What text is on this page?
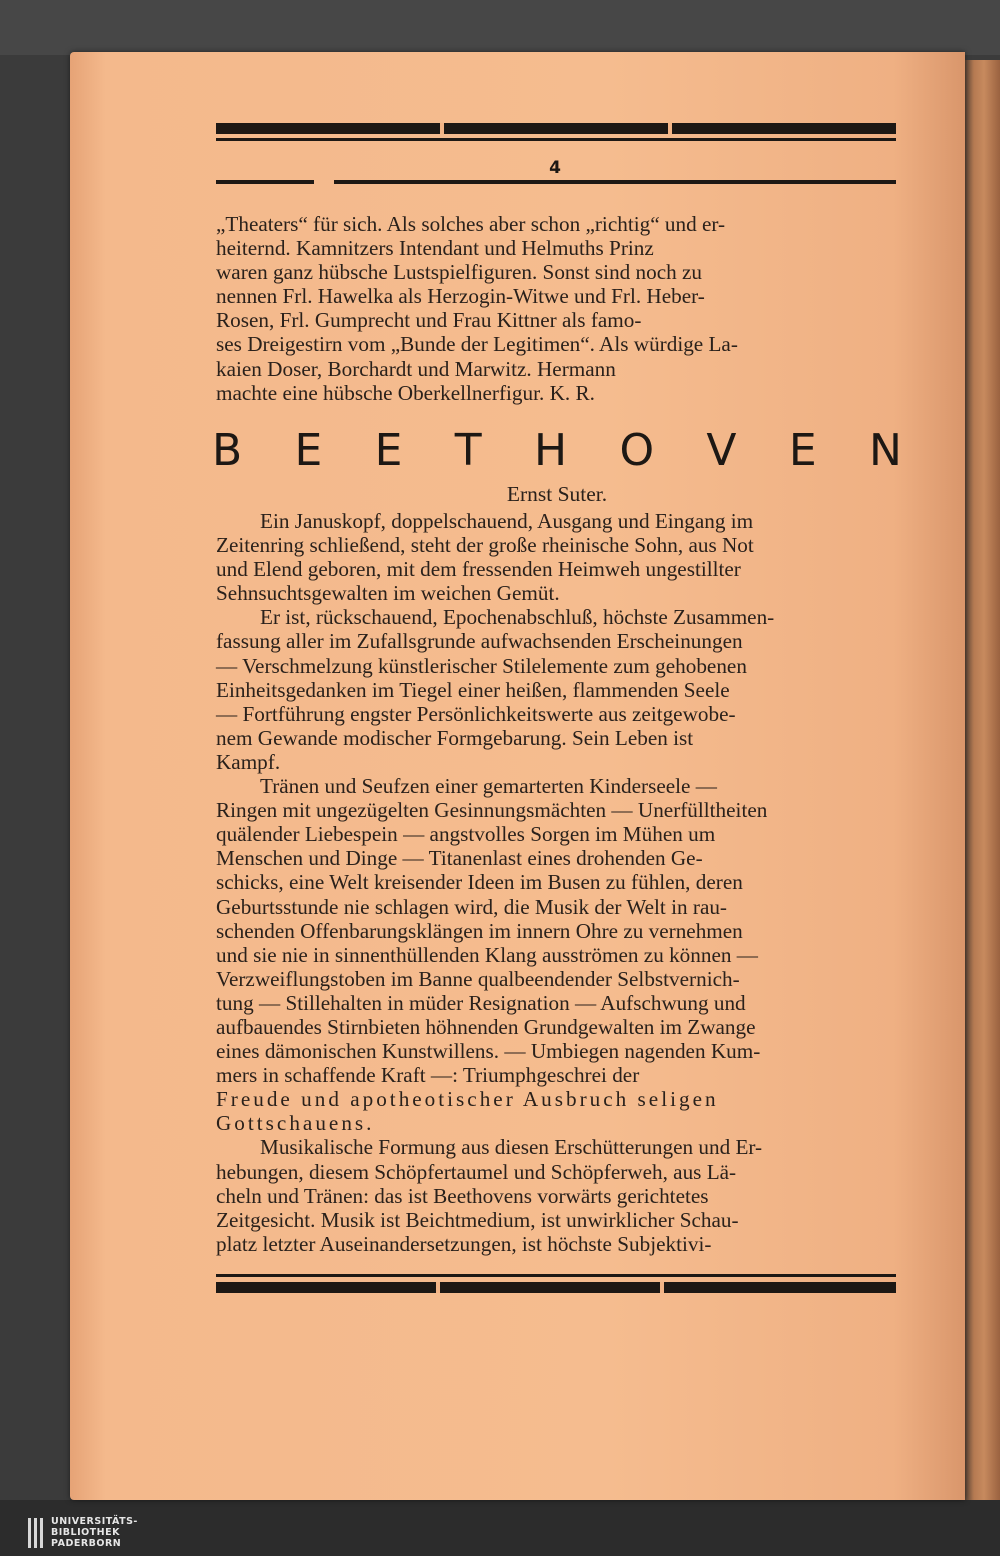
4

„Theaters“ für sich. Als solches aber schon „richtig“ und er-

heiternd. Kamnitzers Intendant und Helmuths Prinz

waren ganz hübsche Lustspielfiguren. Sonst sind noch zu

nennen Frl. Hawelka als Herzogin-Witwe und Frl. Heber-

Rosen, Frl. Gumprecht und Frau Kittner als famo-

ses Dreigestirn vom „Bunde der Legitimen“. Als würdige La-

kaien Doser, Borchardt und Marwitz. Hermann

machte eine hübsche Oberkellnerfigur. K. R.

B E E T H O V E N
Ernst Suter.

Ein Januskopf, doppelschauend, Ausgang und Eingang im

Zeitenring schließend, steht der große rheinische Sohn, aus Not

und Elend geboren, mit dem fressenden Heimweh ungestillter

Sehnsuchtsgewalten im weichen Gemüt.

Er ist, rückschauend, Epochenabschluß, höchste Zusammen-

fassung aller im Zufallsgrunde aufwachsenden Erscheinungen

— Verschmelzung künstlerischer Stilelemente zum gehobenen

Einheitsgedanken im Tiegel einer heißen, flammenden Seele

— Fortführung engster Persönlichkeitswerte aus zeitgewobe-

nem Gewande modischer Formgebarung. Sein Leben ist

Kampf.

Tränen und Seufzen einer gemarterten Kinderseele —

Ringen mit ungezügelten Gesinnungsmächten — Unerfülltheiten

quälender Liebespein — angstvolles Sorgen im Mühen um

Menschen und Dinge — Titanenlast eines drohenden Ge-

schicks, eine Welt kreisender Ideen im Busen zu fühlen, deren

Geburtsstunde nie schlagen wird, die Musik der Welt in rau-

schenden Offenbarungsklängen im innern Ohre zu vernehmen

und sie nie in sinnenthüllenden Klang ausströmen zu können —

Verzweiflungstoben im Banne qualbeendender Selbstvernich-

tung — Stillehalten in müder Resignation — Aufschwung und

aufbauendes Stirnbieten höhnenden Grundgewalten im Zwange

eines dämonischen Kunstwillens. — Umbiegen nagenden Kum-

mers in schaffende Kraft —: Triumphgeschrei der

Freude und apotheotischer Ausbruch seligen

Gottschauens.

Musikalische Formung aus diesen Erschütterungen und Er-

hebungen, diesem Schöpfertaumel und Schöpferweh, aus Lä-

cheln und Tränen: das ist Beethovens vorwärts gerichtetes

Zeitgesicht. Musik ist Beichtmedium, ist unwirklicher Schau-

platz letzter Auseinandersetzungen, ist höchste Subjektivi-

UNIVERSITÄTS-
BIBLIOTHEK
PADERBORN
